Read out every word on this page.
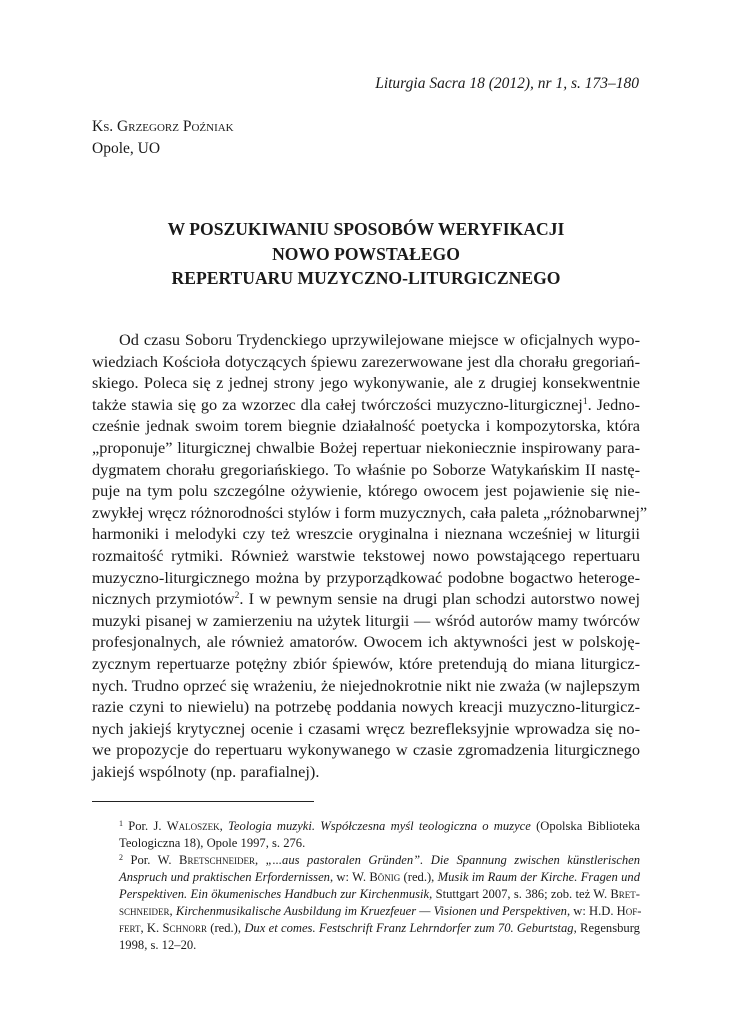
Liturgia Sacra 18 (2012), nr 1, s. 173–180
Ks. Grzegorz Poźniak
Opole, UO
W POSZUKIWANIU SPOSOBÓW WERYFIKACJI
NOWO POWSTAŁEGO
REPERTUARU MUZYCZNO-LITURGICZNEGO
Od czasu Soboru Trydenckiego uprzywilejowane miejsce w oficjalnych wypo-
wiedziach Kościoła dotyczących śpiewu zarezerwowane jest dla chorału gregoriań-
skiego. Poleca się z jednej strony jego wykonywanie, ale z drugiej konsekwentnie
także stawia się go za wzorzec dla całej twórczości muzyczno-liturgicznej$^1$. Jedno-
cześnie jednak swoim torem biegnie działalność poetycka i kompozytorska, która
„proponuje” liturgicznej chwalbie Bożej repertuar niekoniecznie inspirowany para-
dygmatem chorału gregoriańskiego. To właśnie po Soborze Watykańskim II nastę-
puje na tym polu szczególne ożywienie, którego owocem jest pojawienie się nie-
zwykłej wręcz różnorodności stylów i form muzycznych, cała paleta „różnobarwnej”
harmoniki i melodyki czy też wreszcie oryginalna i nieznana wcześniej w liturgii
rozmaitość rytmiki. Również warstwie tekstowej nowo powstającego repertuaru
muzyczno-liturgicznego można by przyporządkować podobne bogactwo heteroge-
nicznych przymiotów$^2$. I w pewnym sensie na drugi plan schodzi autorstwo nowej
muzyki pisanej w zamierzeniu na użytek liturgii — wśród autorów mamy twórców
profesjonalnych, ale również amatorów. Owocem ich aktywności jest w polskoję-
zycznym repertuarze potężny zbiór śpiewów, które pretendują do miana liturgicz-
nych. Trudno oprzeć się wrażeniu, że niejednokrotnie nikt nie zważa (w najlepszym
razie czyni to niewielu) na potrzebę poddania nowych kreacji muzyczno-liturgicz-
nych jakiejś krytycznej ocenie i czasami wręcz bezrefleksyjnie wprowadza się no-
we propozycje do repertuaru wykonywanego w czasie zgromadzenia liturgicznego
jakiejś wspólnoty (np. parafialnej).
$^1$ Por. J. Waloszek, Teologia muzyki. Współczesna myśl teologiczna o muzyce (Opolska Biblioteka
Teologiczna 18), Opole 1997, s. 276.
$^2$ Por. W. Bretschneider, „...aus pastoralen Gründen”. Die Spannung zwischen künstlerischen
Anspruch und praktischen Erfordernissen, w: W. Bönig (red.), Musik im Raum der Kirche. Fragen und
Perspektiven. Ein ökumenisches Handbuch zur Kirchenmusik, Stuttgart 2007, s. 386; zob. też W. Bret-
schneider, Kirchenmusikalische Ausbildung im Kruezfeuer — Visionen und Perspektiven, w: H.D. Hof-
fert, K. Schnorr (red.), Dux et comes. Festschrift Franz Lehrndorfer zum 70. Geburtstag, Regensburg
1998, s. 12–20.
